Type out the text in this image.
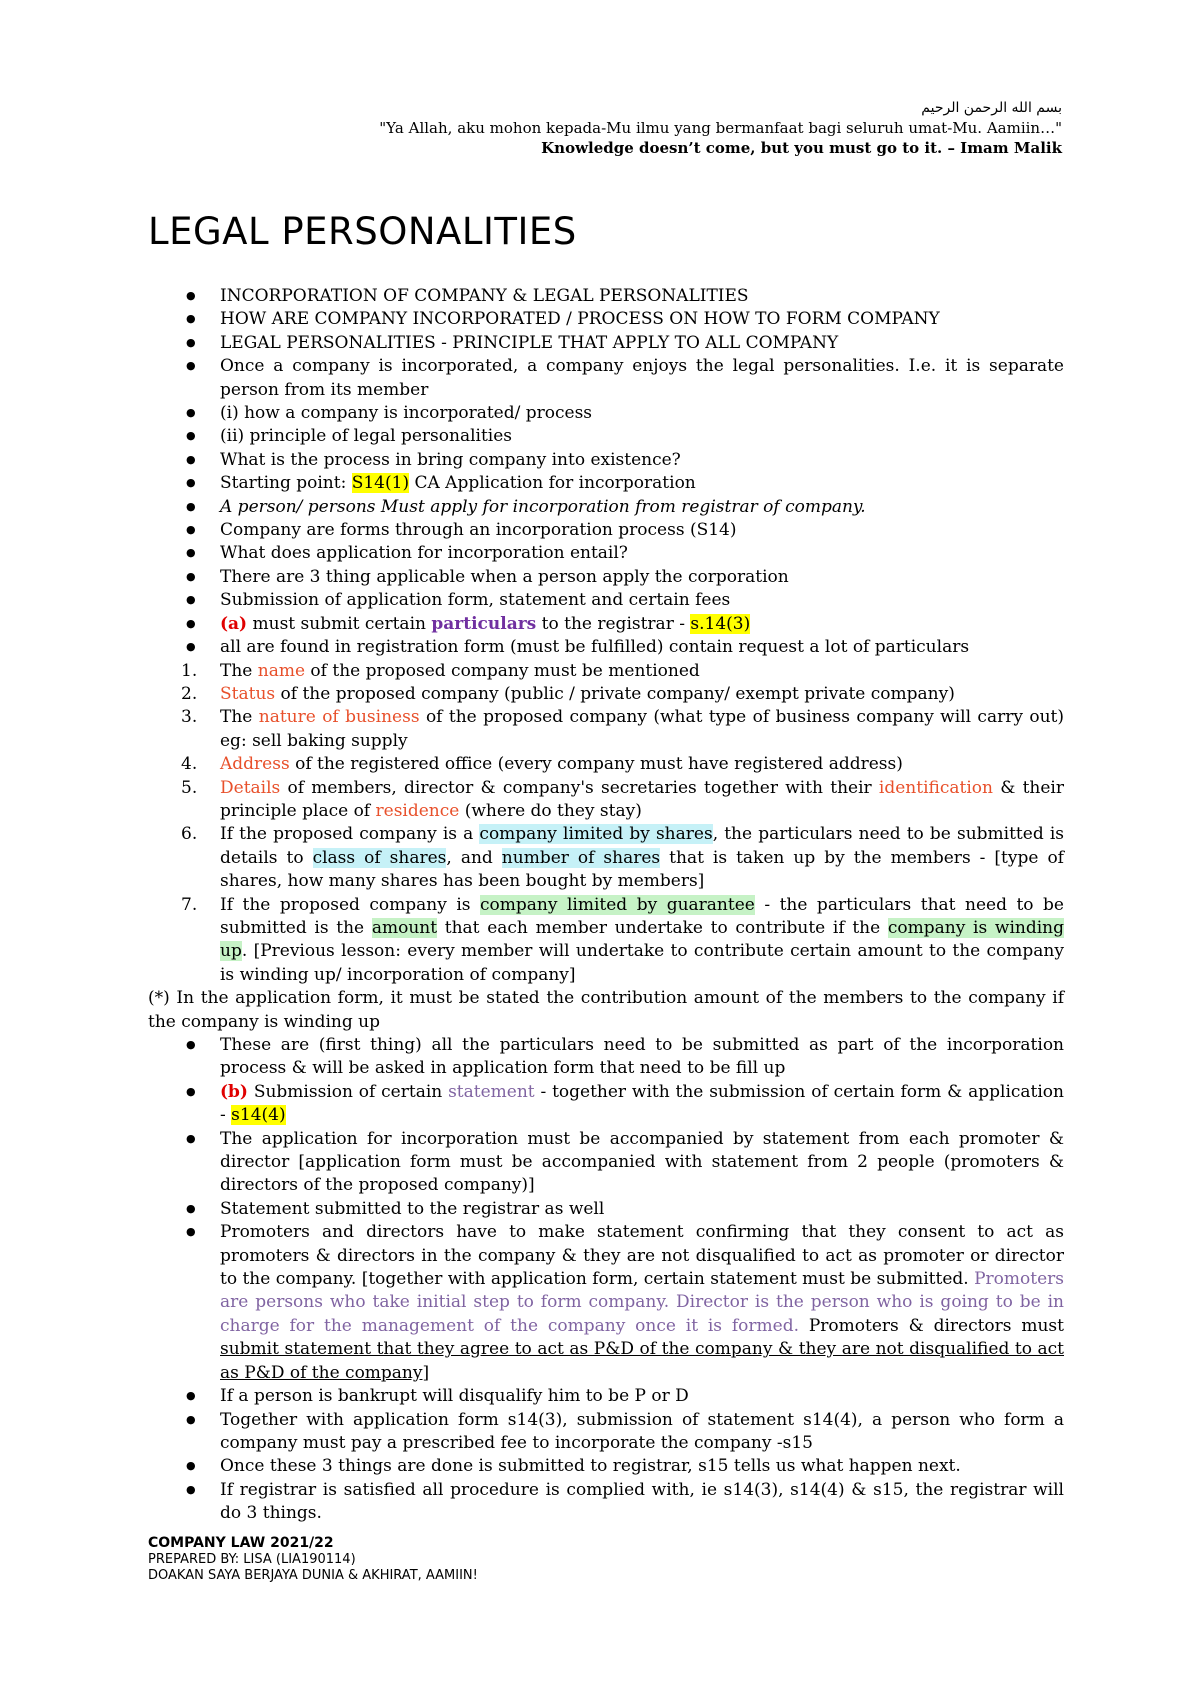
بسم الله الرحمن الرحيم
"Ya Allah, aku mohon kepada-Mu ilmu yang bermanfaat bagi seluruh umat-Mu. Aamiin…"
Knowledge doesn’t come, but you must go to it. – Imam Malik
LEGAL PERSONALITIES
● INCORPORATION OF COMPANY & LEGAL PERSONALITIES
● HOW ARE COMPANY INCORPORATED / PROCESS ON HOW TO FORM COMPANY
● LEGAL PERSONALITIES - PRINCIPLE THAT APPLY TO ALL COMPANY
● Once a company is incorporated, a company enjoys the legal personalities. I.e. it is separate person from its member
● (i) how a company is incorporated/ process
● (ii) principle of legal personalities
● What is the process in bring company into existence?
● Starting point: S14(1) CA Application for incorporation
● A person/ persons Must apply for incorporation from registrar of company.
● Company are forms through an incorporation process (S14)
● What does application for incorporation entail?
● There are 3 thing applicable when a person apply the corporation
● Submission of application form, statement and certain fees
● (a) must submit certain particulars to the registrar - s.14(3)
● all are found in registration form (must be fulfilled) contain request a lot of particulars
1. The name of the proposed company must be mentioned
2. Status of the proposed company (public / private company/ exempt private company)
3. The nature of business of the proposed company (what type of business company will carry out) eg: sell baking supply
4. Address of the registered office (every company must have registered address)
5. Details of members, director & company's secretaries together with their identification & their principle place of residence (where do they stay)
6. If the proposed company is a company limited by shares, the particulars need to be submitted is details to class of shares, and number of shares that is taken up by the members - [type of shares, how many shares has been bought by members]
7. If the proposed company is company limited by guarantee - the particulars that need to be submitted is the amount that each member undertake to contribute if the company is winding up. [Previous lesson: every member will undertake to contribute certain amount to the company is winding up/ incorporation of company]
(*) In the application form, it must be stated the contribution amount of the members to the company if the company is winding up
● These are (first thing) all the particulars need to be submitted as part of the incorporation process & will be asked in application form that need to be fill up
● (b) Submission of certain statement - together with the submission of certain form & application - s14(4)
● The application for incorporation must be accompanied by statement from each promoter & director [application form must be accompanied with statement from 2 people (promoters & directors of the proposed company)]
● Statement submitted to the registrar as well
● Promoters and directors have to make statement confirming that they consent to act as promoters & directors in the company & they are not disqualified to act as promoter or director to the company. [together with application form, certain statement must be submitted. Promoters are persons who take initial step to form company. Director is the person who is going to be in charge for the management of the company once it is formed. Promoters & directors must submit statement that they agree to act as P&D of the company & they are not disqualified to act as P&D of the company]
● If a person is bankrupt will disqualify him to be P or D
● Together with application form s14(3), submission of statement s14(4), a person who form a company must pay a prescribed fee to incorporate the company -s15
● Once these 3 things are done is submitted to registrar, s15 tells us what happen next.
● If registrar is satisfied all procedure is complied with, ie s14(3), s14(4) & s15, the registrar will do 3 things.
COMPANY LAW 2021/22
PREPARED BY: LISA (LIA190114)
DOAKAN SAYA BERJAYA DUNIA & AKHIRAT, AAMIIN!
